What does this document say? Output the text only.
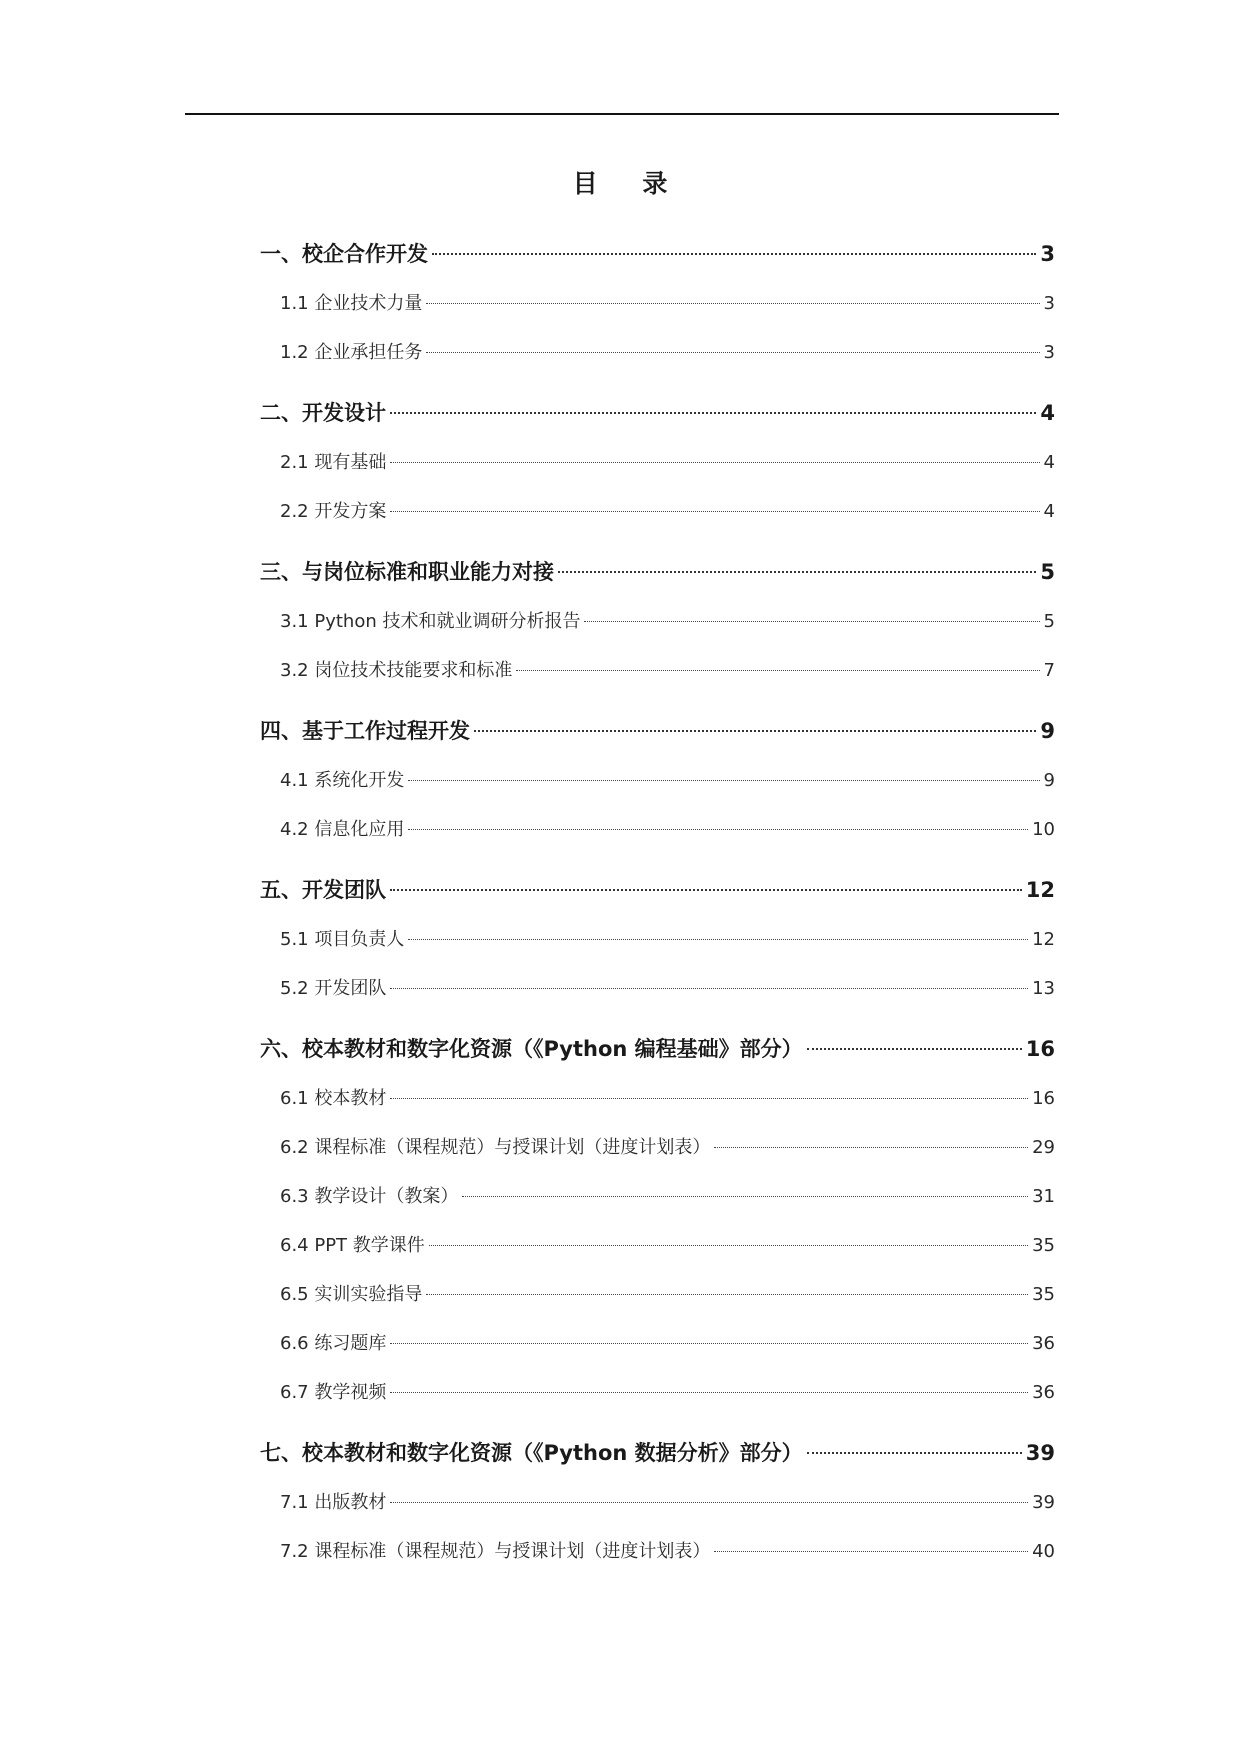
目 录
一、校企合作开发	3
1.1 企业技术力量	3
1.2 企业承担任务	3
二、开发设计	4
2.1 现有基础	4
2.2 开发方案	4
三、与岗位标准和职业能力对接	5
3.1 Python 技术和就业调研分析报告	5
3.2 岗位技术技能要求和标准	7
四、基于工作过程开发	9
4.1 系统化开发	9
4.2 信息化应用	10
五、开发团队	12
5.1 项目负责人	12
5.2 开发团队	13
六、校本教材和数字化资源（《Python 编程基础》部分）	16
6.1 校本教材	16
6.2 课程标准（课程规范）与授课计划（进度计划表）	29
6.3 教学设计（教案）	31
6.4 PPT 教学课件	35
6.5 实训实验指导	35
6.6 练习题库	36
6.7 教学视频	36
七、校本教材和数字化资源（《Python 数据分析》部分）	39
7.1 出版教材	39
7.2 课程标准（课程规范）与授课计划（进度计划表）	40
